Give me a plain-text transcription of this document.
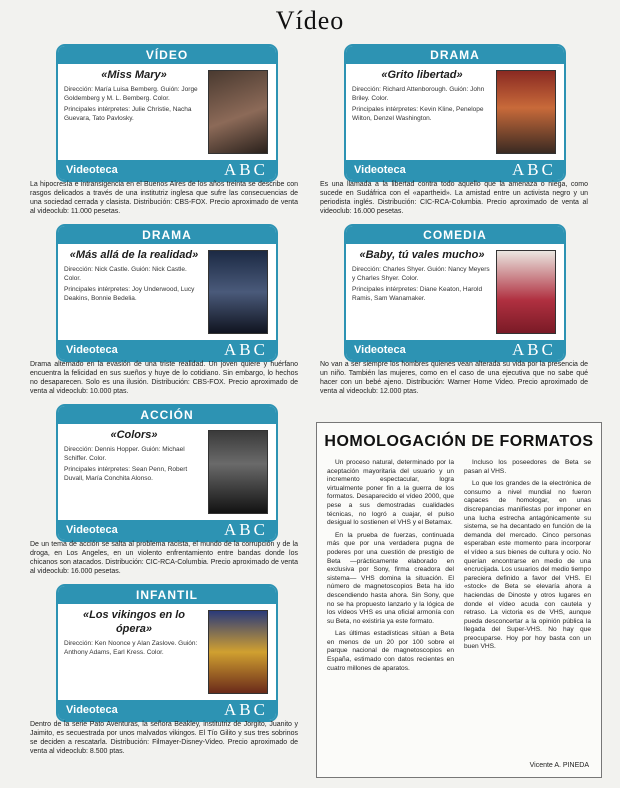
Vídeo
VÍDEO
«Miss Mary»
Dirección: María Luisa Bemberg. Guión: Jorge Goldemberg y M. L. Bemberg. Color.
Principales intérpretes: Julie Christie, Nacha Guevara, Tato Pavlosky.
Videoteca	ABC
La hipocresía e intransigencia en el Buenos Aires de los años treinta se describe con rasgos delicados a través de una institutriz inglesa que sufre las consecuencias de una sociedad cerrada y clasista. Distribución: CBS-FOX. Precio aproximado de venta al videoclub: 11.000 pesetas.
DRAMA
«Grito libertad»
Dirección: Richard Attenborough. Guión: John Briley. Color.
Principales intérpretes: Kevin Kline, Penelope Wilton, Denzel Washington.
Videoteca	ABC
Es una llamada a la libertad contra todo aquello que la amenaza o niega, como sucede en Sudáfrica con el «apartheid». La amistad entre un activista negro y un periodista inglés. Distribución: CIC-RCA-Columbia. Precio aproximado de venta al videoclub: 16.000 pesetas.
DRAMA
«Más allá de la realidad»
Dirección: Nick Castle. Guión: Nick Castle. Color.
Principales intérpretes: Joy Underwood, Lucy Deakins, Bonnie Bedelia.
Videoteca	ABC
Drama alternado en la evasión de una triste realidad. Un joven quiere y huérfano encuentra la felicidad en sus sueños y huye de lo cotidiano. Sin embargo, lo hechos no desaparecen. Solo es una ilusión. Distribución: CBS-FOX. Precio aproximado de venta al videoclub: 10.000 ptas.
COMEDIA
«Baby, tú vales mucho»
Dirección: Charles Shyer. Guión: Nancy Meyers y Charles Shyer. Color.
Principales intérpretes: Diane Keaton, Harold Ramis, Sam Wanamaker.
Videoteca	ABC
No van a ser siempre los hombres quienes vean alterada su vida por la presencia de un niño. También las mujeres, como en el caso de una ejecutiva que no sabe qué hacer con un bebé ajeno. Distribución: Warner Home Video. Precio aproximado de venta al videoclub: 12.000 ptas.
ACCIÓN
«Colors»
Dirección: Dennis Hopper. Guión: Michael Schiffer. Color.
Principales intérpretes: Sean Penn, Robert Duvall, María Conchita Alonso.
Videoteca	ABC
De un tema de acción se salta al problema racista, el mundo de la corrupción y de la droga, en Los Angeles, en un violento enfrentamiento entre bandas donde los chicanos son atacados. Distribución: CIC-RCA-Columbia. Precio aproximado de venta al videoclub: 16.000 pesetas.
INFANTIL
«Los vikingos en lo ópera»
Dirección: Ken Noonce y Alan Zaslove. Guión: Anthony Adams, Earl Kress. Color.
Videoteca	ABC
Dentro de la serie Pato Aventuras, la señora Beakley, institutriz de Jorgito, Juanito y Jaimito, es secuestrada por unos malvados vikingos. El Tío Gilito y sus tres sobrinos se deciden a rescatarla. Distribución: Filmayer-Disney-Video. Precio aproximado de venta al videoclub: 8.500 ptas.
HOMOLOGACIÓN DE FORMATOS

Un proceso natural, determinado por la aceptación mayoritaria del usuario y un incremento espectacular, logra virtualmente poner fin a la guerra de los formatos. Desaparecido el vídeo 2000, que pese a sus demostradas cualidades técnicas, no logró a cuajar, el pulso desigual lo sostienen el VHS y el Betamax.

En la prueba de fuerzas, continuada más que por una verdadera pugna de poderes por una cuestión de prestigio de Beta —prácticamente elaborado en exclusiva por Sony, firma creadora del sistema— VHS domina la situación. El número de magnetoscopios Beta ha ido descendiendo hasta ahora. Sin Sony, que no se ha propuesto lanzarlo y la lógica de los vídeos VHS es una oficial armonía con su Beta, no existiría ya este formato.

Las últimas estadísticas sitúan a Beta en menos de un 20 por 100 sobre el parque nacional de magnetoscopios en España, estimado con datos recientes en cuatro millones de aparatos.

Incluso los poseedores de Beta se pasan al VHS.

Lo que los grandes de la electrónica de consumo a nivel mundial no fueron capaces de homologar, en unas discrepancias manifiestas por imponer en una lucha estrecha antagónicamente su sistema, se ha decantado en función de la demanda del mercado. Cinco personas esperaban este momento para incorporar el vídeo a sus bienes de cultura y ocio. No querían encontrarse en medio de una encrucijada. Los usuarios del medio tiempo pareciera definido a favor del VHS. El «stock» de Beta se elevaría ahora a haciendas de Dinoste y otros lugares en donde el vídeo acuda con cautela y retraso. La victoria es de VHS, aunque pueda desconcertar a la opinión pública la llegada del Super-VHS. No hay que preocuparse. Hoy por hoy basta con un buen VHS.

Vicente A. PINEDA
